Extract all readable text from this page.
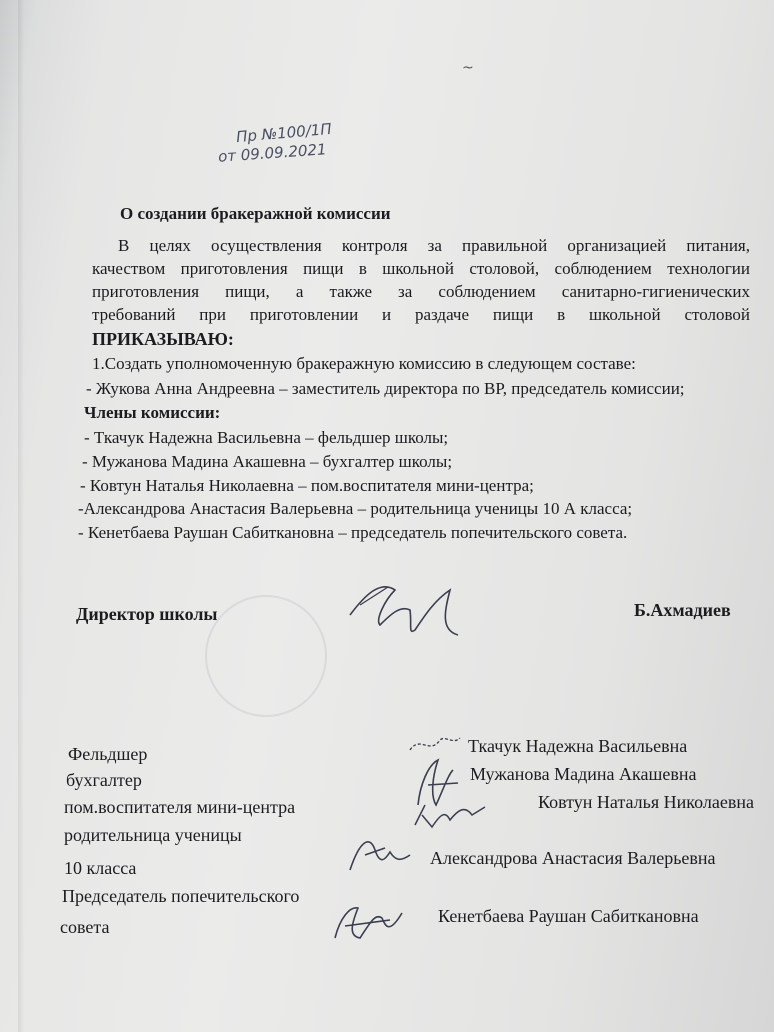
~
Пр №100/1П
от 09.09.2021
О создании бракеражной комиссии
В целях осуществления контроля за правильной организацией питания,
качеством приготовления пищи в школьной столовой, соблюдением технологии
приготовления пищи, а также за соблюдением санитарно-гигиенических
требований при приготовлении и раздаче пищи в школьной столовой
ПРИКАЗЫВАЮ:
1.Создать уполномоченную бракеражную комиссию в следующем составе:
- Жукова Анна Андреевна – заместитель директора по ВР, председатель комиссии;
Члены комиссии:
- Ткачук Надежна Васильевна – фельдшер школы;
- Мужанова Мадина Акашевна – бухгалтер школы;
- Ковтун Наталья Николаевна – пом.воспитателя мини-центра;
-Александрова Анастасия Валерьевна – родительница ученицы 10 А класса;
- Кенетбаева Раушан Сабиткановна – председатель попечительского совета.
Директор школы	Б.Ахмадиев
Фельдшер
бухгалтер
пом.воспитателя мини-центра
родительница ученицы
10 класса
Председатель попечительского
совета
Ткачук Надежна Васильевна
Мужанова Мадина Акашевна
Ковтун Наталья Николаевна
Александрова Анастасия Валерьевна
Кенетбаева Раушан Сабиткановна
